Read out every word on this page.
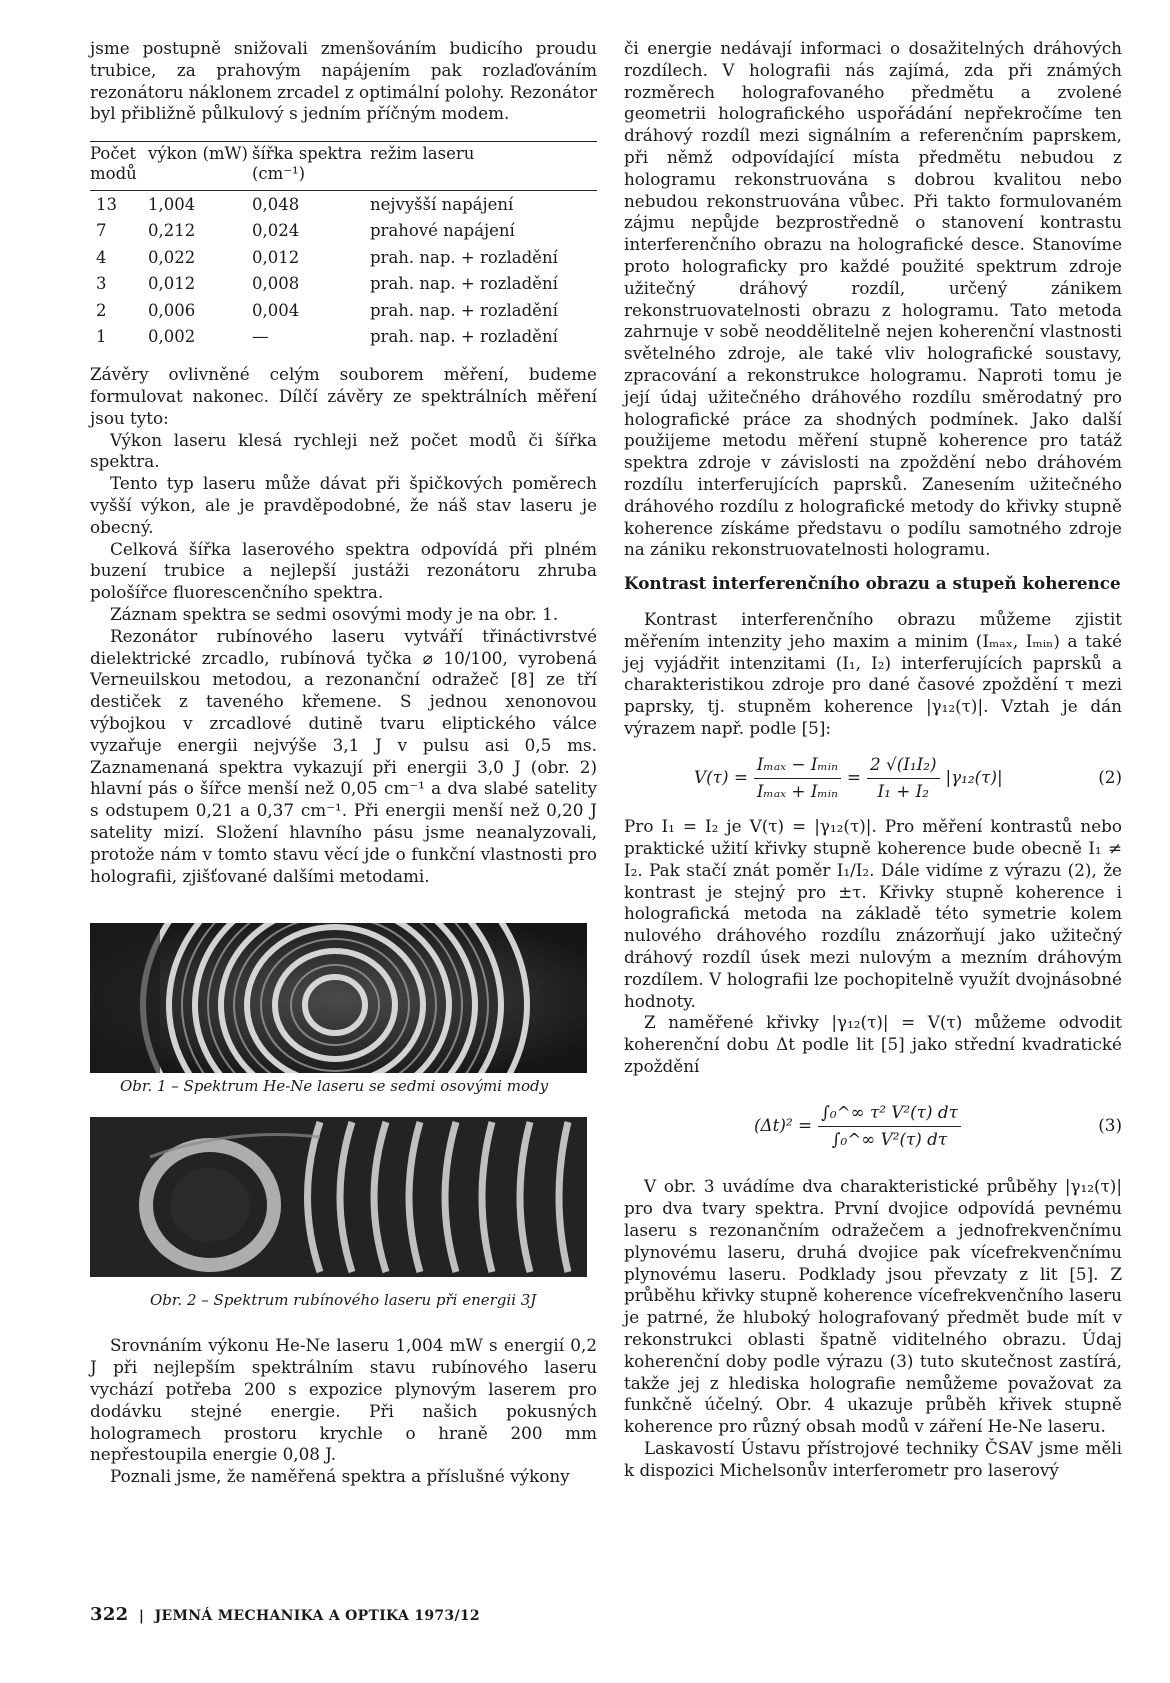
jsme postupně snižovali zmenšováním budicího proudu trubice, za prahovým napájením pak rozlaďováním rezonátoru náklonem zrcadel z optimální polohy. Rezonátor byl přibližně půlkulový s jedním příčným modem.

Počet modů	výkon (mW)	šířka spektra (cm⁻¹)	režim laseru
13	1,004	0,048	nejvyšší napájení
7	0,212	0,024	prahové napájení
4	0,022	0,012	prah. nap. + rozladění
3	0,012	0,008	prah. nap. + rozladění
2	0,006	0,004	prah. nap. + rozladění
1	0,002	—	prah. nap. + rozladění

Závěry ovlivněné celým souborem měření, budeme formulovat nakonec. Dílčí závěry ze spektrálních měření jsou tyto:

Výkon laseru klesá rychleji než počet modů či šířka spektra.

Tento typ laseru může dávat při špičkových poměrech vyšší výkon, ale je pravděpodobné, že náš stav laseru je obecný.

Celková šířka laserového spektra odpovídá při plném buzení trubice a nejlepší justáži rezonátoru zhruba pološířce fluorescenčního spektra.

Záznam spektra se sedmi osovými mody je na obr. 1.

Rezonátor rubínového laseru vytváří třináctivrstvé dielektrické zrcadlo, rubínová tyčka ⌀ 10/100, vyrobená Verneuilskou metodou, a rezonanční odražeč [8] ze tří destiček z taveného křemene. S jednou xenonovou výbojkou v zrcadlové dutině tvaru eliptického válce vyzařuje energii nejvýše 3,1 J v pulsu asi 0,5 ms. Zaznamenaná spektra vykazují při energii 3,0 J (obr. 2) hlavní pás o šířce menší než 0,05 cm⁻¹ a dva slabé satelity s odstupem 0,21 a 0,37 cm⁻¹. Při energii menší než 0,20 J satelity mizí. Složení hlavního pásu jsme neanalyzovali, protože nám v tomto stavu věcí jde o funkční vlastnosti pro holografii, zjišťované dalšími metodami.

Obr. 1 – Spektrum He-Ne laseru se sedmi osovými mody
Obr. 2 – Spektrum rubínového laseru při energii 3J

Srovnáním výkonu He-Ne laseru 1,004 mW s energií 0,2 J při nejlepším spektrálním stavu rubínového laseru vychází potřeba 200 s expozice plynovým laserem pro dodávku stejné energie. Při našich pokusných hologramech prostoru krychle o hraně 200 mm nepřestoupila energie 0,08 J.

Poznali jsme, že naměřená spektra a příslušné výkony

či energie nedávají informaci o dosažitelných dráhových rozdílech. V holografii nás zajímá, zda při známých rozměrech holografovaného předmětu a zvolené geometrii holografického uspořádání nepřekročíme ten dráhový rozdíl mezi signálním a referenčním paprskem, při němž odpovídající místa předmětu nebudou z hologramu rekonstruována s dobrou kvalitou nebo nebudou rekonstruována vůbec. Při takto formulovaném zájmu nepůjde bezprostředně o stanovení kontrastu interferenčního obrazu na holografické desce. Stanovíme proto holograficky pro každé použité spektrum zdroje užitečný dráhový rozdíl, určený zánikem rekonstruovatelnosti obrazu z hologramu. Tato metoda zahrnuje v sobě neoddělitelně nejen koherenční vlastnosti světelného zdroje, ale také vliv holografické soustavy, zpracování a rekonstrukce hologramu. Naproti tomu je její údaj užitečného dráhového rozdílu směrodatný pro holografické práce za shodných podmínek. Jako další použijeme metodu měření stupně koherence pro tatáž spektra zdroje v závislosti na zpoždění nebo dráhovém rozdílu interferujících paprsků. Zanesením užitečného dráhového rozdílu z holografické metody do křivky stupně koherence získáme představu o podílu samotného zdroje na zániku rekonstruovatelnosti hologramu.

Kontrast interferenčního obrazu a stupeň koherence

Kontrast interferenčního obrazu můžeme zjistit měřením intenzity jeho maxim a minim (Iₘₐₓ, Iₘᵢₙ) a také jej vyjádřit intenzitami (I₁, I₂) interferujících paprsků a charakteristikou zdroje pro dané časové zpoždění τ mezi paprsky, tj. stupněm koherence |γ₁₂(τ)|. Vztah je dán výrazem např. podle [5]:

$V(\tau) = \frac{\text{Iₘₐₓ − Iₘᵢₙ}}{\text{Iₘₐₓ + Iₘᵢₙ}} = \frac{\text{2 √(I₁I₂)}}{\text{I₁ + I₂}} |\gamma_{12}(\tau)|$	(2)

Pro I₁ = I₂ je V(τ) = |γ₁₂(τ)|. Pro měření kontrastů nebo praktické užití křivky stupně koherence bude obecně I₁ ≠ I₂. Pak stačí znát poměr I₁/I₂. Dále vidíme z výrazu (2), že kontrast je stejný pro ±τ. Křivky stupně koherence i holografická metoda na základě této symetrie kolem nulového dráhového rozdílu znázorňují jako užitečný dráhový rozdíl úsek mezi nulovým a mezním dráhovým rozdílem. V holografii lze pochopitelně využít dvojnásobné hodnoty.

Z naměřené křivky |γ₁₂(τ)| = V(τ) můžeme odvodit koherenční dobu Δt podle lit [5] jako střední kvadratické zpoždění

$(\Delta t)^2 = \frac{\text{∫₀\textasciicircum{}∞ τ² V²(τ) dτ}}{\text{∫₀\textasciicircum{}∞ V²(τ) dτ}}$	(3)

V obr. 3 uvádíme dva charakteristické průběhy |γ₁₂(τ)| pro dva tvary spektra. První dvojice odpovídá pevnému laseru s rezonančním odražečem a jednofrekvenčnímu plynovému laseru, druhá dvojice pak vícefrekvenčnímu plynovému laseru. Podklady jsou převzaty z lit [5]. Z průběhu křivky stupně koherence vícefrekvenčního laseru je patrné, že hluboký holografovaný předmět bude mít v rekonstrukci oblasti špatně viditelného obrazu. Údaj koherenční doby podle výrazu (3) tuto skutečnost zastírá, takže jej z hlediska holografie nemůžeme považovat za funkčně účelný. Obr. 4 ukazuje průběh křivek stupně koherence pro různý obsah modů v záření He-Ne laseru.

Laskavostí Ústavu přístrojové techniky ČSAV jsme měli k dispozici Michelsonův interferometr pro laserový

322  |  JEMNÁ MECHANIKA A OPTIKA 1973/12
